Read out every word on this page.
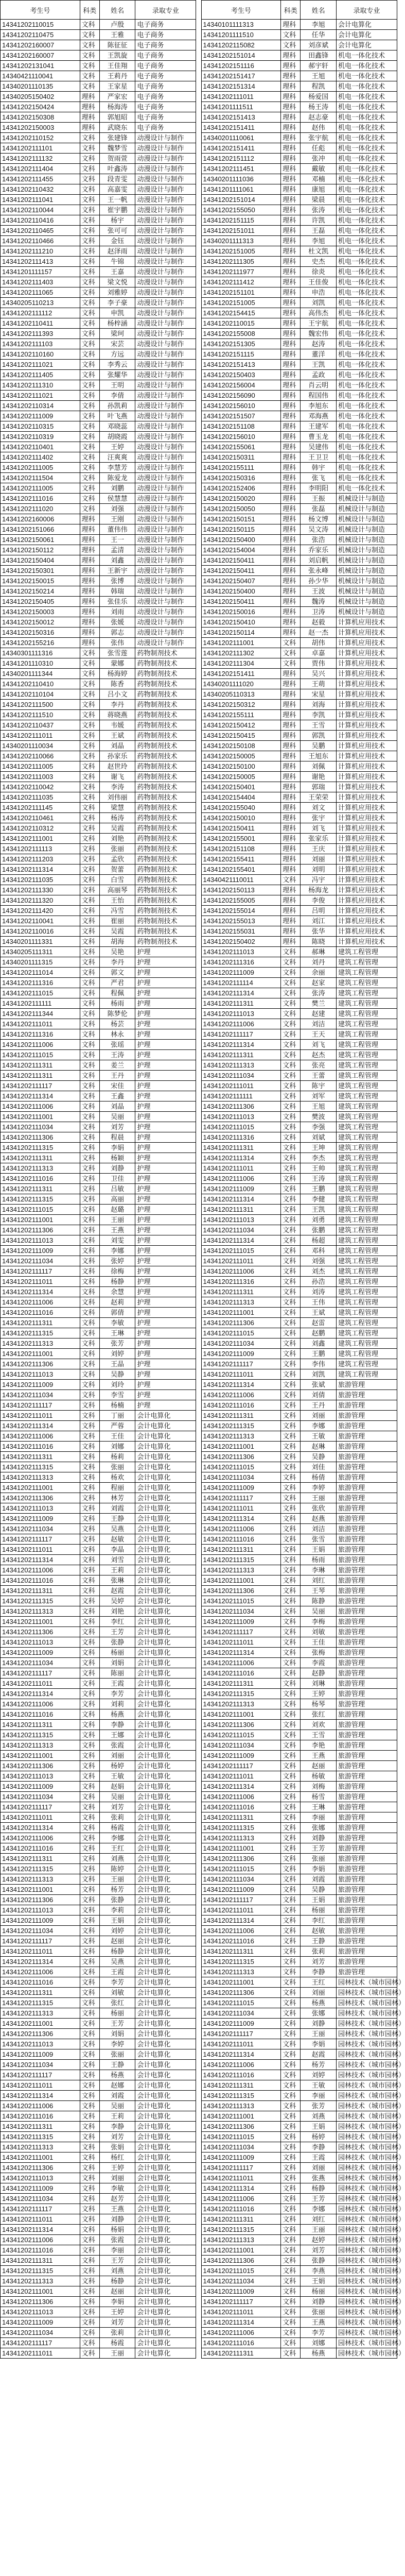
考生号	科类	姓名	录取专业		考生号	科类	姓名	录取专业
14341202110015	文科	卢殷	电子商务		14340101111313	理科	李旭	会计电算化
14341202110475	文科	王雅	电子商务		14341201111510	文科	任华	会计电算化
14341202160007	文科	陈征征	电子商务		14341202115082	文科	刘彦斌	会计电算化
14341202160007	文科	王凯旋	电子商务		14341202151014	理科	田鑫锋	机电一体化技术
14341202131041	文科	王佳翔	电子商务		14341202151116	理科	郝宇轩	机电一体化技术
14340421110041	文科	王莉丹	电子商务		14341202151417	理科	王旭	机电一体化技术
14340201110135	文科	王家星	电子商务		14341202151314	理科	程凯	机电一体化技术
14340205150402	理科	严家宏	电子商务		14341202111011	理科	杨爱国	机电一体化技术
14341202150424	理科	杨海涛	电子商务		14341201111511	理科	杨王涛	机电一体化技术
14341202150308	理科	郭旭昭	电子商务		14341202151413	理科	赵志豪	机电一体化技术
14341202150003	理科	武晓东	电子商务		14341202151411	理科	赵伟	机电一体化技术
14341202110152	文科	张建锋	动漫设计与制作		14340201110061	理科	张宇航	机电一体化技术
14341202111101	文科	魏梦雪	动漫设计与制作		14341202151411	理科	任彪	机电一体化技术
14341202111132	文科	贺雨萱	动漫设计与制作		14341202151112	理科	张冲	机电一体化技术
14341202111404	文科	叶鑫涛	动漫设计与制作		14341202111451	理科	戴敏	机电一体化技术
14341202111455	文科	段青雯	动漫设计与制作		14340201111036	理科	邓楠	机电一体化技术
14341202110432	文科	高嘉雯	动漫设计与制作		14341201111061	理科	康旭	机电一体化技术
14341202111041	文科	王一帆	动漫设计与制作		14341202151014	理科	梁晨	机电一体化技术
14341202110044	文科	崔宇鹏	动漫设计与制作		14341202155050	理科	张涛	机电一体化技术
14341202110416	文科	杨宇	动漫设计与制作		14341202151115	理科	许凯	机电一体化技术
14341202110465	文科	张可可	动漫设计与制作		14341202151011	理科	王磊	机电一体化技术
14341202110466	文科	金钰	动漫设计与制作		14340201111313	理科	李旭	机电一体化技术
14341202111210	文科	赵泽雨	动漫设计与制作		14341202151005	理科	杜文凯	机电一体化技术
14341202111413	文科	牛锦	动漫设计与制作		14341202111305	理科	史杰	机电一体化技术
14341201111157	文科	王嘉	动漫设计与制作		14341202111977	理科	徐炎	机电一体化技术
14341202111403	文科	梁文悦	动漫设计与制作		14341202111412	理科	王佳俊	机电一体化技术
14341202111065	文科	刘雅婷	动漫设计与制作		14341202151101	理科	申浩	机电一体化技术
14340205110213	文科	李子豪	动漫设计与制作		14341202151005	理科	刘凯	机电一体化技术
14341202111112	文科	申凯	动漫设计与制作		14341202154415	理科	高伟杰	机电一体化技术
14341202110411	文科	杨梓涵	动漫设计与制作		14341202110015	理科	王宇航	机电一体化技术
14341202111393	文科	梁珂	动漫设计与制作		14341202155008	理科	魏宏伟	机电一体化技术
14341202111103	文科	宋芸	动漫设计与制作		14341202151305	理科	赵涛	机电一体化技术
14341202110160	文科	方远	动漫设计与制作		14341202151115	理科	董洋	机电一体化技术
14341202111021	文科	李秀云	动漫设计与制作		14341202151413	理科	王凯	机电一体化技术
14341202111405	文科	张耀华	动漫设计与制作		14341202150403	理科	孟政	机电一体化技术
14341202111310	文科	王明	动漫设计与制作		14341202156004	理科	肖云明	机电一体化技术
14341202111021	文科	李倩	动漫设计与制作		14341202156090	理科	程国伟	机电一体化技术
14341202110314	文科	孙凯莉	动漫设计与制作		14341202156010	理科	李旭东	机电一体化技术
14341202111009	文科	叶飞燕	动漫设计与制作		14341202151507	理科	邓海燕	机电一体化技术
14341202110315	文科	邓晓蕊	动漫设计与制作		14341202151108	理科	王建军	机电一体化技术
14341202110319	文科	胡晓霞	动漫设计与制作		14341202156010	理科	曹玉龙	机电一体化技术
14341202110401	文科	王婷	动漫设计与制作		14341202155061	理科	吴建伟	机电一体化技术
14341202111402	文科	汪爽爽	动漫设计与制作		14341202150311	理科	王卫卫	机电一体化技术
14341202111005	文科	李慧芳	动漫设计与制作		14341202155111	理科	韩宇	机电一体化技术
14341202111504	文科	陈爱龙	动漫设计与制作		14341202150316	理科	张飞	机电一体化技术
14341202111005	文科	刘鹏	动漫设计与制作		14341202152406	理科	李明阳	机电一体化技术
14341202111016	文科	侯慧慧	动漫设计与制作		14341202150020	理科	王振	机械设计与制造
14341202111020	文科	刘强	动漫设计与制作		14341202150050	理科	张磊	机械设计与制造
14341202160006	理科	王刚	动漫设计与制作		14341202150151	理科	杨文博	机械设计与制造
14341202151066	理科	董伟伟	动漫设计与制作		14341202150115	理科	吴文涛	机械设计与制造
14341202150061	理科	王一	动漫设计与制作		14341202150400	理科	张浩	机械设计与制造
14341202150112	理科	孟清	动漫设计与制作		14341202154004	理科	乔家乐	机械设计与制造
14341202150404	理科	刘鑫	动漫设计与制作		14341202150411	理科	刘启帆	机械设计与制造
14341202150301	理科	王新宇	动漫设计与制作		14341202150411	理科	张永峰	机械设计与制造
14341202150015	理科	张博	动漫设计与制作		14341202150407	理科	孙少华	机械设计与制造
14341202150214	理科	韩瑞	动漫设计与制作		14341202150400	理科	王波	机械设计与制造
14341202150405	理科	张佳乐	动漫设计与制作		14341202150411	理科	魏涛	机械设计与制造
14341202150003	理科	刘雨	动漫设计与制作		14341202150016	理科	卫涛	机械设计与制造
14341202150012	理科	张媛	动漫设计与制作		14341202150410	理科	赵毅	计算机应用技术
14341202150316	理科	郭志	动漫设计与制作		14341202150114	理科	赵一杰	计算机应用技术
14341202155216	理科	张伟	动漫设计与制作		14341202111001	文科	胡伟	计算机应用技术
14340301111316	文科	张雪莲	药物制剂技术		14341202111302	文科	卓嘉	计算机应用技术
14341201110310	文科	蒙娜	药物制剂技术		14341202111304	文科	贾伟	计算机应用技术
14340201111344	文科	杨海婷	药物制剂技术		14341202151411	理科	吴兴	计算机应用技术
14341202110410	文科	陈香	药物制剂技术		14340201111020	理科	王萌	计算机应用技术
14341202110104	文科	吕小文	药物制剂技术		14340205110313	理科	宋星	计算机应用技术
14341202111500	文科	李丹	药物制剂技术		14341202150312	理科	刘海	计算机应用技术
14341202111510	文科	蒋晓燕	药物制剂技术		14341202155111	理科	李凯	计算机应用技术
14341202110437	文科	韦媛	药物制剂技术		14341202150412	理科	王雪	计算机应用技术
14341202111011	文科	王斌	药物制剂技术		14341202150415	理科	郭凯	计算机应用技术
14340201110034	文科	刘晶	药物制剂技术		14341202150108	理科	吴鹏	计算机应用技术
14341202110066	文科	孙家乐	药物制剂技术		14341202150005	理科	王旭东	计算机应用技术
14341202111005	文科	赵世玲	药物制剂技术		14341202150100	理科	刘佩	计算机应用技术
14341202111003	文科	谢飞	药物制剂技术		14341202150005	理科	谢艳	计算机应用技术
14341202110042	文科	李涛	药物制剂技术		14341202150401	理科	郭瑞	计算机应用技术
14341202111035	文科	刘伟丽	药物制剂技术		14341202154404	理科	王荣荣	计算机应用技术
14341202111145	文科	梁慧	药物制剂技术		14341202155040	理科	刘文	计算机应用技术
14341202110461	文科	杨涛	药物制剂技术		14341202150010	理科	张宇	计算机应用技术
14341202110312	文科	吴霞	药物制剂技术		14341202150411	理科	刘飞	计算机应用技术
14341202111001	文科	刘艳	药物制剂技术		14341202155001	理科	张家乐	计算机应用技术
14341202111113	文科	张丽	药物制剂技术		14341202151108	理科	王庆	计算机应用技术
14341202111203	文科	孟欣	药物制剂技术		14341202155411	理科	刘丽	计算机应用技术
14341202111314	文科	贺蕾	药物制剂技术		14341202155401	理科	刘明	计算机应用技术
14341202111035	文科	白雪	药物制剂技术		14340421110011	文科	冯宇	计算机应用技术
14341202111330	文科	高丽琴	药物制剂技术		14341202150113	理科	杨海龙	计算机应用技术
14341202111320	文科	王怡	药物制剂技术		14341202155005	理科	李俊	计算机应用技术
14341202111420	文科	冯雪	药物制剂技术		14341202155014	理科	吕明	计算机应用技术
14341202110041	文科	崔丽	药物制剂技术		14341202155013	理科	刘江	计算机应用技术
14341202110016	文科	吴霞	药物制剂技术		14341202155031	理科	张华	计算机应用技术
14340201111331	文科	胡海	药物制剂技术		14341202150402	理科	陈晓	计算机应用技术
14340205111311	文科	吴艳	护理		14341202111013	文科	郝琳	建筑工程管理
14340201111315	文科	李丹	护理		14341202111316	文科	刘丹	建筑工程管理
14341202111014	文科	郭文	护理		14341202111009	文科	余丽	建筑工程管理
14341202111316	文科	严君	护理		14341202111114	文科	赵家	建筑工程管理
14341202111015	文科	程佩	护理		14341202111314	文科	张涛	建筑工程管理
14341202111111	文科	杨雨	护理		14341202111311	文科	樊兰	建筑工程管理
14341202111344	文科	陈梦伦	护理		14341202111013	文科	赵建	建筑工程管理
14341202111011	文科	杨芸	护理		14341202111006	文科	刘洁	建筑工程管理
14341202111316	文科	林永	护理		14341202111117	文科	王天	建筑工程管理
14341202111006	文科	张瑶	护理		14341202111314	文科	刘飞	建筑工程管理
14341202111015	文科	王涛	护理		14341202111311	文科	赵杰	建筑工程管理
14341202111311	文科	姜兰	护理		14341202111313	文科	张亮	建筑工程管理
14341202111311	文科	王丹	护理		14341202111034	文科	王蕾	建筑工程管理
14341202111117	文科	宋佳	护理		14341202111011	文科	陈宇	建筑工程管理
14341202111314	文科	王鑫	护理		14341202111111	文科	刘军	建筑工程管理
14341202111006	文科	刘晶	护理		14341202111306	文科	王旭	建筑工程管理
14341202111001	文科	吴丽	护理		14341202111013	文科	樊波	建筑工程管理
14341202111034	文科	刘芳	护理		14341202111015	文科	李强	建筑工程管理
14341202111306	文科	程晨	护理		14341202111316	文科	刘斌	建筑工程管理
14341202111315	文科	李娟	护理		14341202111311	文科	王坤	建筑工程管理
14341202111311	文科	杨颖	护理		14341202111314	文科	李杰	建筑工程管理
14341202111313	文科	刘静	护理		14341202111011	文科	王帅	建筑工程管理
14341202111016	文科	卫佳	护理		14341202111006	文科	王涛	建筑工程管理
14341202111311	文科	吕敏	护理		14341202111009	文科	王鹏	建筑工程管理
14341202111315	文科	高丽	护理		14341202111314	文科	李健	建筑工程管理
14341202111015	文科	赵璐	护理		14341202111311	文科	王凯	建筑工程管理
14341202111001	文科	王丽	护理		14341202111013	文科	刘勇	建筑工程管理
14341202111306	文科	王燕	护理		14341202111034	文科	张鹏	建筑工程管理
14341202111013	文科	刘雯	护理		14341202111314	文科	杨超	建筑工程管理
14341202111009	文科	李娜	护理		14341202111015	文科	邓科	建筑工程管理
14341202111034	文科	张婷	护理		14341202111011	文科	刘强	建筑工程管理
14341202111117	文科	徐梅	护理		14341202111006	文科	刘杰	建筑工程管理
14341202111011	文科	杨静	护理		14341202111316	文科	孙浩	建筑工程管理
14341202111314	文科	余慧	护理		14341202111311	文科	刘涛	建筑工程管理
14341202111006	文科	赵莉	护理		14341202111313	文科	王伟	建筑工程管理
14341202111016	文科	郭倩	护理		14341202111001	文科	王斌	建筑工程管理
14341202111311	文科	李敏	护理		14341202111306	文科	赵雷	建筑工程管理
14341202111315	文科	王琳	护理		14341202111015	文科	赵鹏	建筑工程管理
14341202111313	文科	张芳	护理		14341202111034	文科	刘鑫	建筑工程管理
14341202111001	文科	刘婷	护理		14341202111009	文科	王鹏	建筑工程管理
14341202111306	文科	王晶	护理		14341202111117	文科	李伟	建筑工程管理
14341202111013	文科	吴静	护理		14341202111011	文科	刘凯	建筑工程管理
14341202111009	文科	刘玲	护理		14341202111314	文科	张斌	旅游管理
14341202111034	文科	李雪	护理		14341202111006	文科	刘倩	旅游管理
14341202111117	文科	杨楠	护理		14341202111016	文科	王丹	旅游管理
14341202111011	文科	丁丽	会计电算化		14341202111311	文科	刘丽	旅游管理
14341202111314	文科	严蓉	会计电算化		14341202111315	文科	李娜	旅游管理
14341202111006	文科	王佳	会计电算化		14341202111313	文科	王敏	旅游管理
14341202111016	文科	刘娜	会计电算化		14341202111001	文科	赵琳	旅游管理
14341202111311	文科	杨莉	会计电算化		14341202111306	文科	吴静	旅游管理
14341202111315	文科	张丽	会计电算化		14341202111015	文科	刘佳	旅游管理
14341202111313	文科	杨欢	会计电算化		14341202111034	文科	杨倩	旅游管理
14341202111001	文科	程丽	会计电算化		14341202111009	文科	李婷	旅游管理
14341202111306	文科	林芳	会计电算化		14341202111117	文科	王丽	旅游管理
14341202111013	文科	刘霞	会计电算化		14341202111011	文科	张欣	旅游管理
14341202111009	文科	王静	会计电算化		14341202111314	文科	赵燕	旅游管理
14341202111034	文科	吴燕	会计电算化		14341202111006	文科	刘洁	旅游管理
14341202111117	文科	赵敏	会计电算化		14341202111016	文科	张雪	旅游管理
14341202111011	文科	李晶	会计电算化		14341202111311	文科	王娟	旅游管理
14341202111314	文科	刘雪	会计电算化		14341202111315	文科	杨雨	旅游管理
14341202111006	文科	王莉	会计电算化		14341202111313	文科	李琳	旅游管理
14341202111016	文科	张琳	会计电算化		14341202111001	文科	刘红	旅游管理
14341202111311	文科	赵霞	会计电算化		14341202111306	文科	王琴	旅游管理
14341202111315	文科	吴婷	会计电算化		14341202111015	文科	陈静	旅游管理
14341202111313	文科	刘艳	会计电算化		14341202111034	文科	吴丽	旅游管理
14341202111001	文科	李红	会计电算化		14341202111009	文科	李梅	旅游管理
14341202111306	文科	王芳	会计电算化		14341202111117	文科	刘敏	旅游管理
14341202111013	文科	张静	会计电算化		14341202111011	文科	王佳	旅游管理
14341202111009	文科	杨丽	会计电算化		14341202111314	文科	张梅	旅游管理
14341202111034	文科	刘娟	会计电算化		14341202111006	文科	李霞	旅游管理
14341202111117	文科	陈丽	会计电算化		14341202111016	文科	赵静	旅游管理
14341202111011	文科	王霞	会计电算化		14341202111311	文科	刘琳	旅游管理
14341202111314	文科	李芳	会计电算化		14341202111315	文科	王婷	旅游管理
14341202111006	文科	刘莉	会计电算化		14341202111313	文科	杨琴	旅游管理
14341202111016	文科	杨燕	会计电算化		14341202111001	文科	张红	旅游管理
14341202111311	文科	李静	会计电算化		14341202111306	文科	刘欢	旅游管理
14341202111315	文科	王娜	会计电算化		14341202111015	文科	王雪	旅游管理
14341202111313	文科	张霞	会计电算化		14341202111034	文科	李艳	旅游管理
14341202111001	文科	刘丽	会计电算化		14341202111009	文科	王燕	旅游管理
14341202111306	文科	杨婷	会计电算化		14341202111117	文科	赵丽	旅游管理
14341202111013	文科	王敏	会计电算化		14341202111011	文科	杨敏	旅游管理
14341202111009	文科	赵娟	会计电算化		14341202111314	文科	刘梅	旅游管理
14341202111034	文科	吴丽	会计电算化		14341202111006	文科	杨雪	旅游管理
14341202111117	文科	刘芳	会计电算化		14341202111016	文科	王琳	旅游管理
14341202111011	文科	张莉	会计电算化		14341202111311	文科	李丽	旅游管理
14341202111314	文科	杨霞	会计电算化		14341202111315	文科	张娜	旅游管理
14341202111006	文科	李娜	会计电算化		14341202111313	文科	刘静	旅游管理
14341202111016	文科	王红	会计电算化		14341202111001	文科	王芳	旅游管理
14341202111311	文科	刘燕	会计电算化		14341202111306	文科	张丽	旅游管理
14341202111315	文科	陈婷	会计电算化		14341202111015	文科	李娟	旅游管理
14341202111313	文科	王丽	会计电算化		14341202111034	文科	刘霞	旅游管理
14341202111001	文科	杨芳	会计电算化		14341202111009	文科	吴静	旅游管理
14341202111306	文科	张静	会计电算化		14341202111117	文科	王娟	旅游管理
14341202111013	文科	李莉	会计电算化		14341202111011	文科	杨丽	旅游管理
14341202111009	文科	王娟	会计电算化		14341202111314	文科	李红	旅游管理
14341202111034	文科	刘婷	会计电算化		14341202111006	文科	赵敏	旅游管理
14341202111117	文科	赵丽	会计电算化		14341202111016	文科	王静	旅游管理
14341202111011	文科	杨静	会计电算化		14341202111311	文科	张莉	旅游管理
14341202111314	文科	吴燕	会计电算化		14341202111315	文科	刘芳	旅游管理
14341202111006	文科	王霞	会计电算化		14341202111313	文科	李静	旅游管理
14341202111016	文科	李芳	会计电算化		14341202111001	文科	王红	园林技术（城市园林）
14341202111311	文科	刘敏	会计电算化		14341202111306	文科	刘丽	园林技术（城市园林）
14341202111315	文科	张红	会计电算化		14341202111015	文科	杨燕	园林技术（城市园林）
14341202111313	文科	杨丽	会计电算化		14341202111034	文科	张娜	园林技术（城市园林）
14341202111001	文科	王芳	会计电算化		14341202111009	文科	刘静	园林技术（城市园林）
14341202111306	文科	刘娟	会计电算化		14341202111117	文科	王丽	园林技术（城市园林）
14341202111013	文科	李婷	会计电算化		14341202111011	文科	李娟	园林技术（城市园林）
14341202111009	文科	张丽	会计电算化		14341202111314	文科	赵霞	园林技术（城市园林）
14341202111034	文科	王静	会计电算化		14341202111006	文科	杨芳	园林技术（城市园林）
14341202111117	文科	杨燕	会计电算化		14341202111016	文科	刘婷	园林技术（城市园林）
14341202111011	文科	赵娜	会计电算化		14341202111311	文科	王敏	园林技术（城市园林）
14341202111314	文科	刘霞	会计电算化		14341202111315	文科	李丽	园林技术（城市园林）
14341202111006	文科	吴丽	会计电算化		14341202111313	文科	张芳	园林技术（城市园林）
14341202111016	文科	王莉	会计电算化		14341202111001	文科	刘燕	园林技术（城市园林）
14341202111311	文科	李静	会计电算化		14341202111306	文科	王娟	园林技术（城市园林）
14341202111315	文科	刘芳	会计电算化		14341202111015	文科	杨婷	园林技术（城市园林）
14341202111313	文科	张娟	会计电算化		14341202111034	文科	李静	园林技术（城市园林）
14341202111001	文科	杨红	会计电算化		14341202111009	文科	王霞	园林技术（城市园林）
14341202111306	文科	王婷	会计电算化		14341202111117	文科	刘丽	园林技术（城市园林）
14341202111013	文科	刘丽	会计电算化		14341202111011	文科	张燕	园林技术（城市园林）
14341202111009	文科	李敏	会计电算化		14341202111314	文科	杨静	园林技术（城市园林）
14341202111034	文科	赵芳	会计电算化		14341202111006	文科	王芳	园林技术（城市园林）
14341202111117	文科	王燕	会计电算化		14341202111016	文科	李娜	园林技术（城市园林）
14341202111011	文科	刘静	会计电算化		14341202111311	文科	刘红	园林技术（城市园林）
14341202111314	文科	杨娟	会计电算化		14341202111315	文科	王丽	园林技术（城市园林）
14341202111006	文科	张霞	会计电算化		14341202111313	文科	赵婷	园林技术（城市园林）
14341202111016	文科	李丽	会计电算化		14341202111001	文科	刘芳	园林技术（城市园林）
14341202111311	文科	王芳	会计电算化		14341202111306	文科	张静	园林技术（城市园林）
14341202111315	文科	刘燕	会计电算化		14341202111015	文科	李燕	园林技术（城市园林）
14341202111313	文科	杨静	会计电算化		14341202111034	文科	王娟	园林技术（城市园林）
14341202111001	文科	赵丽	会计电算化		14341202111009	文科	杨丽	园林技术（城市园林）
14341202111306	文科	李娟	会计电算化		14341202111117	文科	刘静	园林技术（城市园林）
14341202111013	文科	王婷	会计电算化		14341202111011	文科	张丽	园林技术（城市园林）
14341202111009	文科	刘芳	会计电算化		14341202111314	文科	王燕	园林技术（城市园林）
14341202111034	文科	张莉	会计电算化		14341202111006	文科	李芳	园林技术（城市园林）
14341202111117	文科	杨霞	会计电算化		14341202111016	文科	刘娜	园林技术（城市园林）
14341202111011	文科	王丽	会计电算化		14341202111311	文科	杨燕	园林技术（城市园林）
